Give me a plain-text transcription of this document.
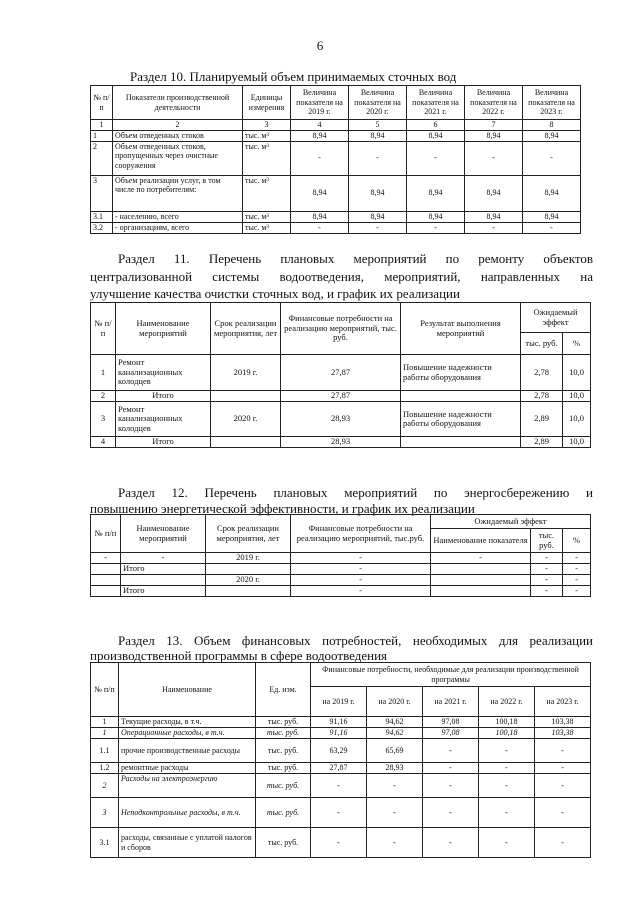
6
Раздел 10. Планируемый объем принимаемых сточных вод
№ п/п	Показатели производственной деятельности	Единицы измерения	Величина показателя на 2019 г.	Величина показателя на 2020 г.	Величина показателя на 2021 г.	Величина показателя на 2022 г.	Величина показателя на 2023 г.
1	2	3	4	5	6	7	8
1	Объем отведенных стоков	тыс. м³	8,94	8,94	8,94	8,94	8,94
2	Объем отведенных стоков, пропущенных через очистные сооружения	тыс. м³	-	-	-	-	-
3	Объем реализации услуг, в том числе по потребителям:	тыс. м³	8,94	8,94	8,94	8,94	8,94
3.1	- населению, всего	тыс. м³	8,94	8,94	8,94	8,94	8,94
3.2	- организациям, всего	тыс. м³	-	-	-	-	-
Раздел 11. Перечень плановых мероприятий по ремонту объектов
централизованной системы водоотведения, мероприятий, направленных на
улучшение качества очистки сточных вод, и график их реализации
№ п/п	Наименование мероприятий	Срок реализации мероприятия, лет	Финансовые потребности на реализацию мероприятий, тыс. руб.	Результат выполнения мероприятий	Ожидаемый эффект	
					тыс. руб.	%
1	Ремонт канализационных колодцев	2019 г.	27,87	Повышение надежности работы оборудования	2,78	10,0
2	Итого		27,87		2,78	10,0
3	Ремонт канализационных колодцев	2020 г.	28,93	Повышение надежности работы оборудования	2,89	10,0
4	Итого		28,93		2,89	10,0
Раздел 12. Перечень плановых мероприятий по энергосбережению и
повышению энергетической эффективности, и график их реализации
№ п/п	Наименование мероприятий	Срок реализации мероприятия, лет	Финансовые потребности на реализацию мероприятий, тыс.руб.	Ожидаемый эффект		
				Наименование показателя	тыс. руб.	%
-	-	2019 г.	-	-	-	-
	Итого		-		-	-
		2020 г.	-		-	-
	Итого		-		-	-
Раздел 13. Объем финансовых потребностей, необходимых для реализации
производственной программы в сфере водоотведения
№ п/п	Наименование	Ед. изм.	Финансовые потребности, необходимые для реализации производственной программы				
			на 2019 г.	на 2020 г.	на 2021 г.	на 2022 г.	на 2023 г.
1	Текущие расходы, в т.ч.	тыс. руб.	91,16	94,62	97,08	100,18	103,38
1	Операционные расходы, в т.ч.	тыс. руб.	91,16	94,62	97,08	100,18	103,38
1.1	прочие производственные расходы	тыс. руб.	63,29	65,69	-	-	-
1.2	ремонтные расходы	тыс. руб.	27,87	28,93	-	-	-
2	Расходы на электроэнергию	тыс. руб.	-	-	-	-	-
3	Неподконтрольные расходы, в т.ч.	тыс. руб.	-	-	-	-	-
3.1	расходы, связанные с уплатой налогов и сборов	тыс. руб.	-	-	-	-	-
